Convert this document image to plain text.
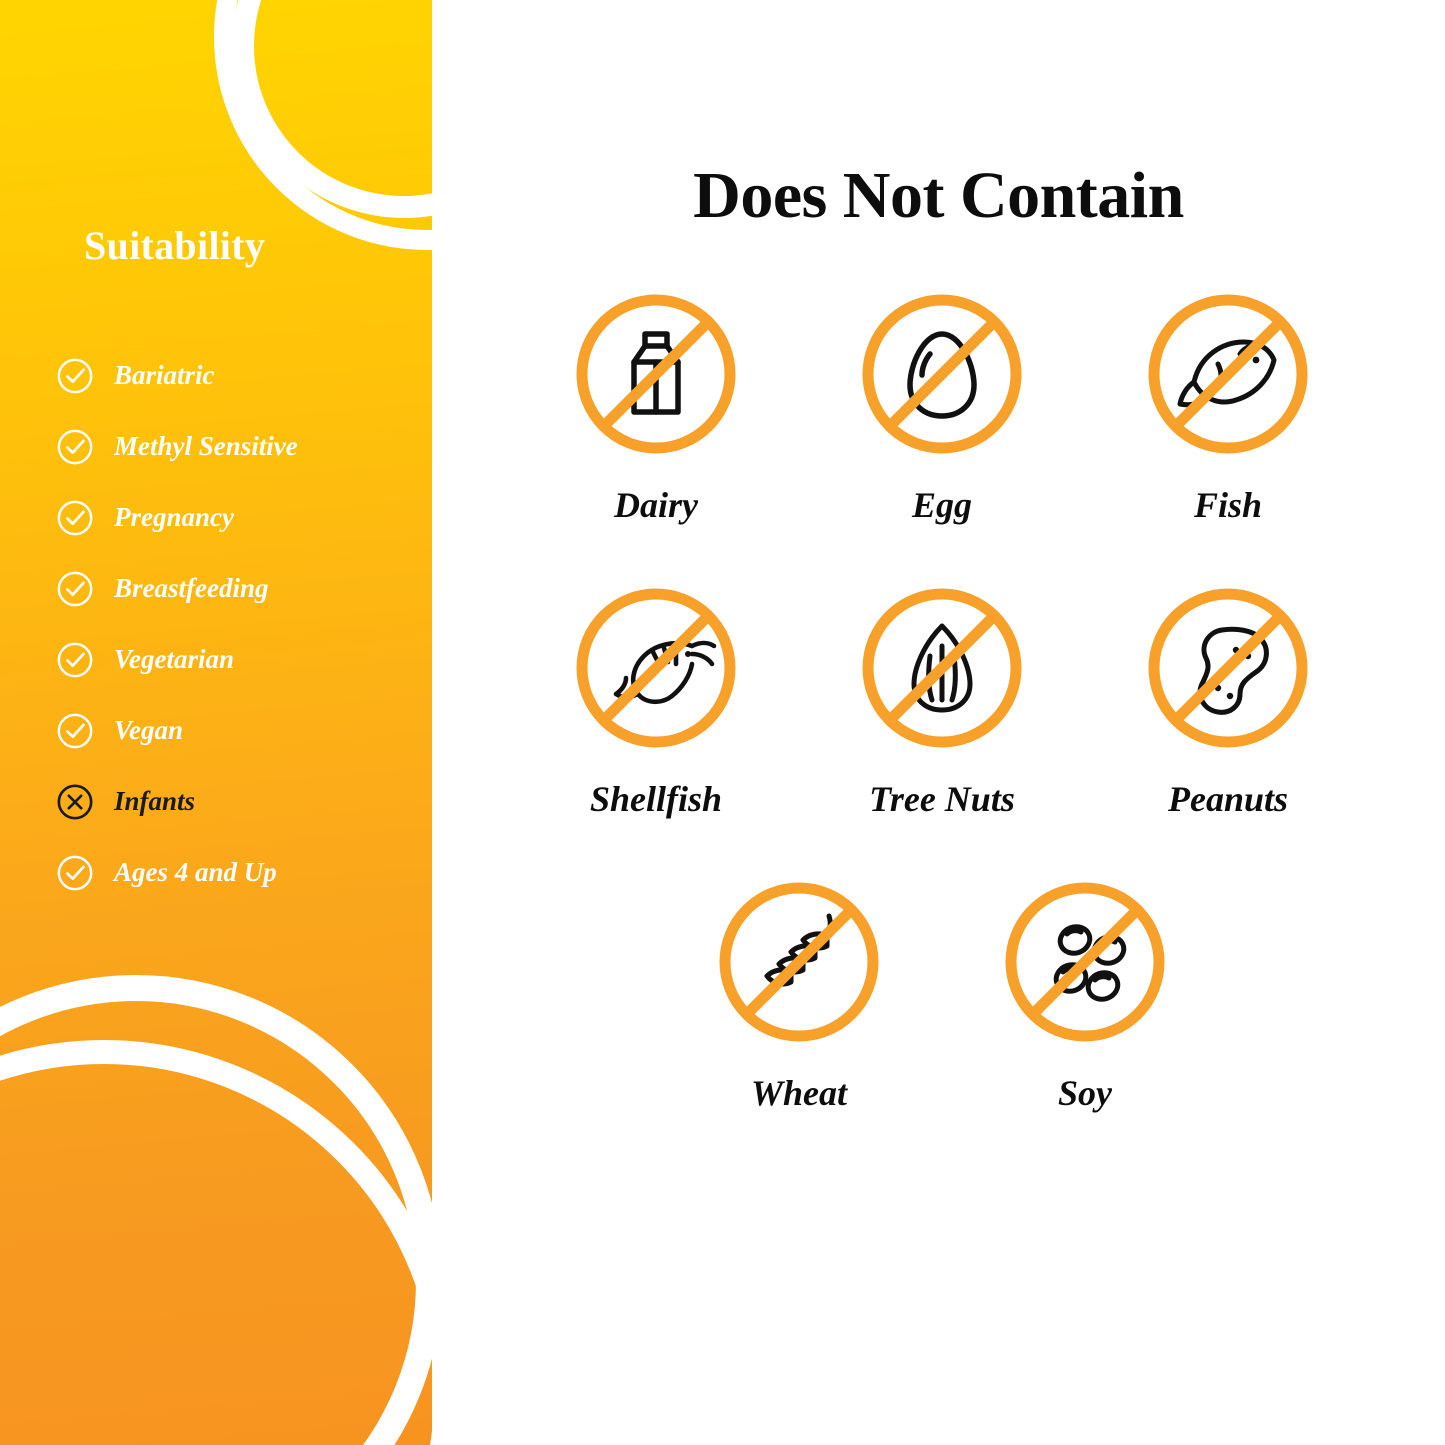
Suitability
Bariatric
Methyl Sensitive
Pregnancy
Breastfeeding
Vegetarian
Vegan
Infants
Ages 4 and Up
Does Not Contain
Dairy	Egg	Fish
Shellfish	Tree Nuts	Peanuts
Wheat	Soy
